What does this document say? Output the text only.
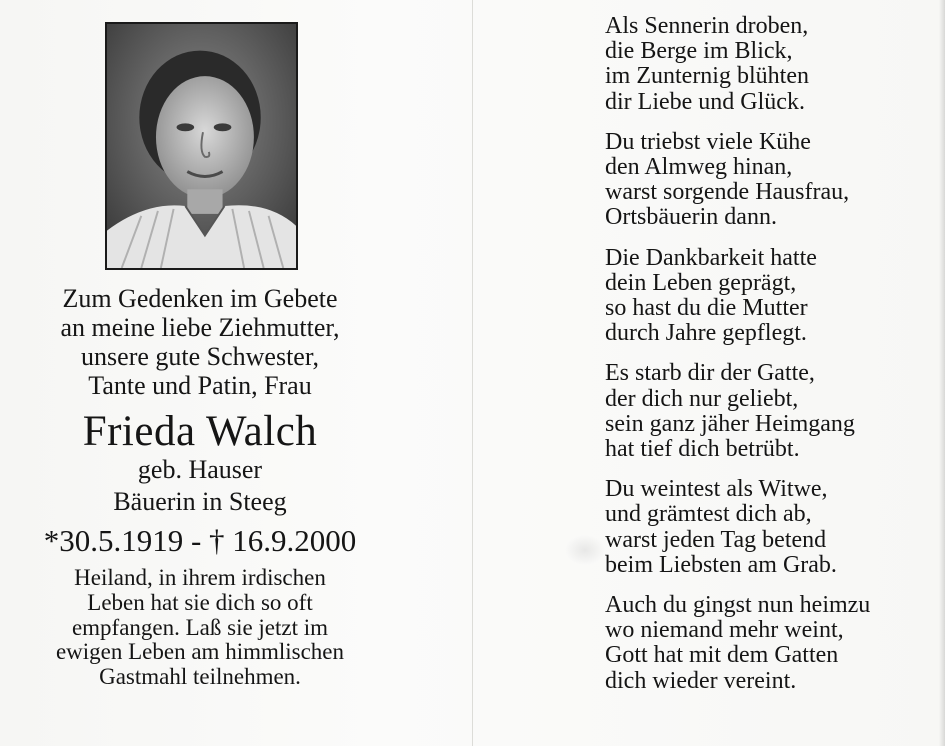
Zum Gedenken im Gebete
an meine liebe Ziehmutter,
unsere gute Schwester,
Tante und Patin, Frau
Frieda Walch
geb. Hauser
Bäuerin in Steeg
*30.5.1919 - † 16.9.2000
Heiland, in ihrem irdischen
Leben hat sie dich so oft
empfangen. Laß sie jetzt im
ewigen Leben am himmlischen
Gastmahl teilnehmen.
Als Sennerin droben,
die Berge im Blick,
im Zunternig blühten
dir Liebe und Glück.
Du triebst viele Kühe
den Almweg hinan,
warst sorgende Hausfrau,
Ortsbäuerin dann.
Die Dankbarkeit hatte
dein Leben geprägt,
so hast du die Mutter
durch Jahre gepflegt.
Es starb dir der Gatte,
der dich nur geliebt,
sein ganz jäher Heimgang
hat tief dich betrübt.
Du weintest als Witwe,
und grämtest dich ab,
warst jeden Tag betend
beim Liebsten am Grab.
Auch du gingst nun heimzu
wo niemand mehr weint,
Gott hat mit dem Gatten
dich wieder vereint.
